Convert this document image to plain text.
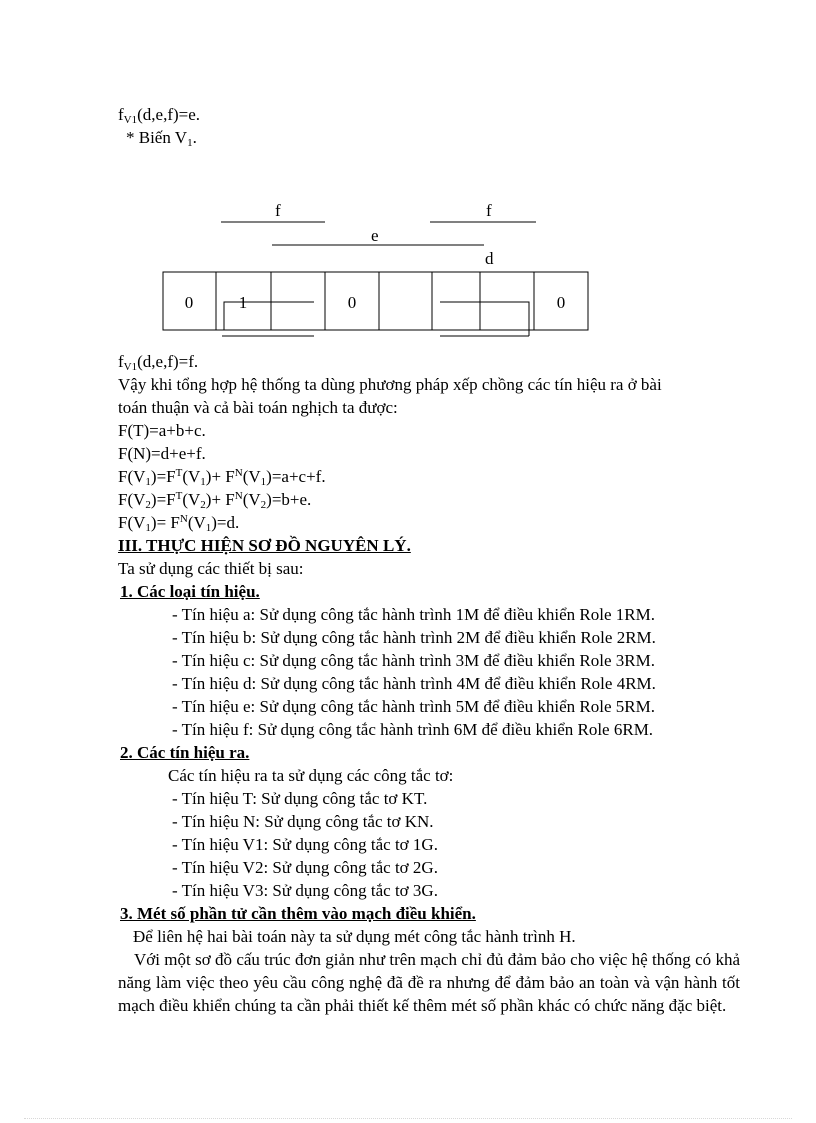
$f_{V1}(d,e,f)=e$.
* Biến $V_1$.
f	f
e
d
0	1	0	0
$f_{V1}(d,e,f)=f$.
Vậy khi tổng hợp hệ thống ta dùng phương pháp xếp chồng các tín hiệu ra ở bài
toán thuận và cả bài toán nghịch ta được:
F(T)=a+b+c.
F(N)=d+e+f.
$F(V_1)=F^T(V_1)+ F^N(V_1)=a+c+f$.
$F(V_2)=F^T(V_2)+ F^N(V_2)=b+e$.
$F(V_1)= F^N(V_1)=d$.
III. THỰC HIỆN SƠ ĐỒ NGUYÊN LÝ.
Ta sử dụng các thiết bị sau:
1. Các loại tín hiệu.
- Tín hiệu a: Sử dụng công tắc hành trình 1M để điều khiển Role 1RM.
- Tín hiệu b: Sử dụng công tắc hành trình 2M để điều khiển Role 2RM.
- Tín hiệu c: Sử dụng công tắc hành trình 3M để điều khiển Role 3RM.
- Tín hiệu d: Sử dụng công tắc hành trình 4M để điều khiển Role 4RM.
- Tín hiệu e: Sử dụng công tắc hành trình 5M để điều khiển Role 5RM.
- Tín hiệu f: Sử dụng công tắc hành trình 6M để điều khiển Role 6RM.
2. Các tín hiệu ra.
Các tín hiệu ra ta sử dụng các công tắc tơ:
- Tín hiệu T: Sử dụng công tắc tơ KT.
- Tín hiệu N: Sử dụng công tắc tơ KN.
- Tín hiệu V1: Sử dụng công tắc tơ 1G.
- Tín hiệu V2: Sử dụng công tắc tơ 2G.
- Tín hiệu V3: Sử dụng công tắc tơ 3G.
3. Mét số phần tử cần thêm vào mạch điều khiển.
Để liên hệ hai bài toán này ta sử dụng mét công tắc hành trình H.
Với một sơ đồ cấu trúc đơn giản như trên mạch chỉ đủ đảm bảo cho việc hệ thống có khả năng làm việc theo yêu cầu công nghệ đã đề ra nhưng để đảm bảo an toàn và vận hành tốt mạch điều khiển chúng ta cần phải thiết kế thêm mét số phần khác có chức năng đặc biệt.
